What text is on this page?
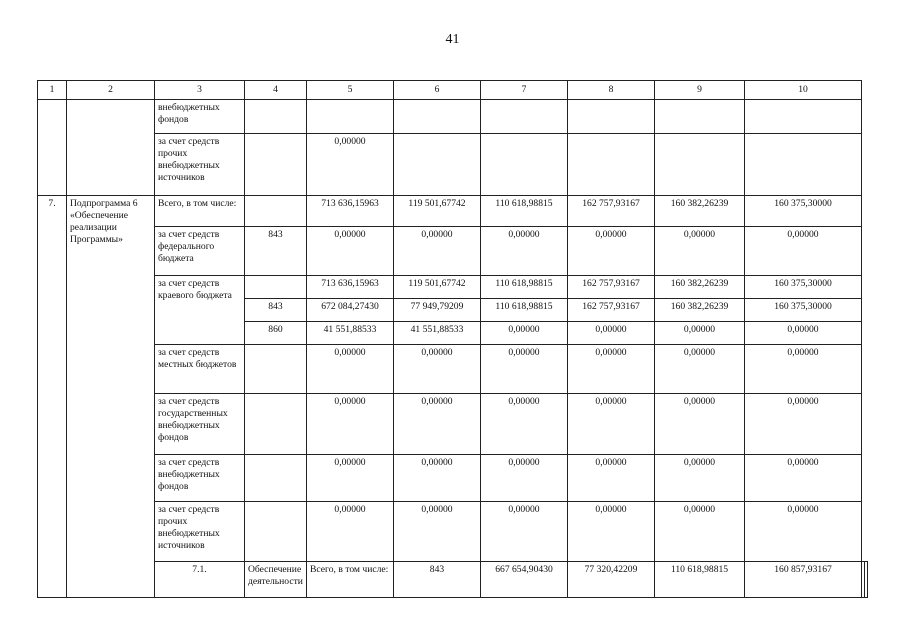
41
1	2	3	4	5	6	7	8	9	10		
		внебюджетных фондов									
		за счет средств прочих внебюджетных источников		0,00000							
7.	Подпрограмма 6 «Обеспечение реализации Программы»	Всего, в том числе:		713 636,15963	119 501,67742	110 618,98815	162 757,93167	160 382,26239	160 375,30000		
		за счет средств федерального бюджета	843	0,00000	0,00000	0,00000	0,00000	0,00000	0,00000		
		за счет средств краевого бюджета		713 636,15963	119 501,67742	110 618,98815	162 757,93167	160 382,26239	160 375,30000		
			843	672 084,27430	77 949,79209	110 618,98815	162 757,93167	160 382,26239	160 375,30000		
			860	41 551,88533	41 551,88533	0,00000	0,00000	0,00000	0,00000		
		за счет средств местных бюджетов		0,00000	0,00000	0,00000	0,00000	0,00000	0,00000		
		за счет средств государственных внебюджетных фондов		0,00000	0,00000	0,00000	0,00000	0,00000	0,00000		
		за счет средств внебюджетных фондов		0,00000	0,00000	0,00000	0,00000	0,00000	0,00000		
		за счет средств прочих внебюджетных источников		0,00000	0,00000	0,00000	0,00000	0,00000	0,00000		
		7.1.	Обеспечение деятельности	Всего, в том числе:	843	667 654,90430	77 320,42209	110 618,98815	160 857,93167		
